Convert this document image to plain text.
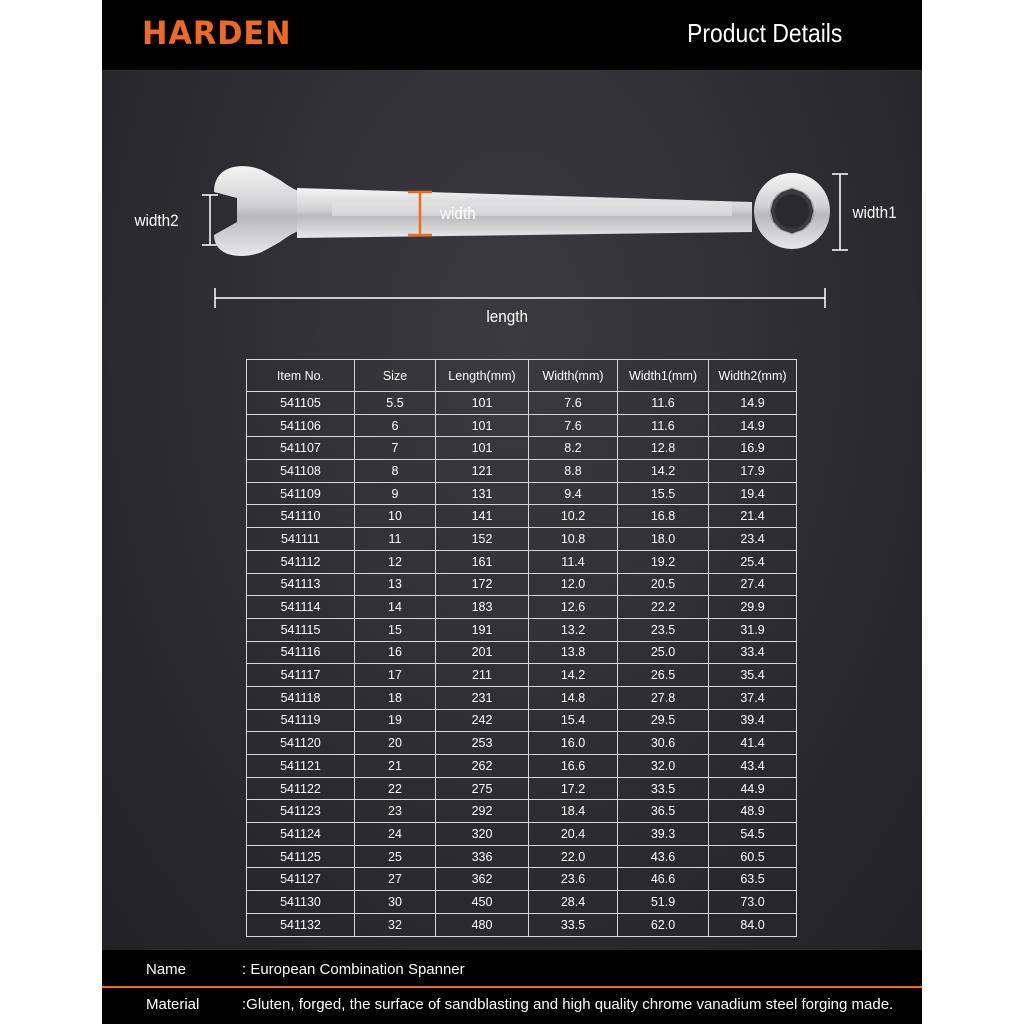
HARDEN	Product Details
width
width2	width1
length
Item No.	Size	Length(mm)	Width(mm)	Width1(mm)	Width2(mm)
541105	5.5	101	7.6	11.6	14.9
541106	6	101	7.6	11.6	14.9
541107	7	101	8.2	12.8	16.9
541108	8	121	8.8	14.2	17.9
541109	9	131	9.4	15.5	19.4
541110	10	141	10.2	16.8	21.4
541111	11	152	10.8	18.0	23.4
541112	12	161	11.4	19.2	25.4
541113	13	172	12.0	20.5	27.4
541114	14	183	12.6	22.2	29.9
541115	15	191	13.2	23.5	31.9
541116	16	201	13.8	25.0	33.4
541117	17	211	14.2	26.5	35.4
541118	18	231	14.8	27.8	37.4
541119	19	242	15.4	29.5	39.4
541120	20	253	16.0	30.6	41.4
541121	21	262	16.6	32.0	43.4
541122	22	275	17.2	33.5	44.9
541123	23	292	18.4	36.5	48.9
541124	24	320	20.4	39.3	54.5
541125	25	336	22.0	43.6	60.5
541127	27	362	23.6	46.6	63.5
541130	30	450	28.4	51.9	73.0
541132	32	480	33.5	62.0	84.0
Name	: European Combination Spanner
Material	:Gluten, forged, the surface of sandblasting and high quality chrome vanadium steel forging made.
